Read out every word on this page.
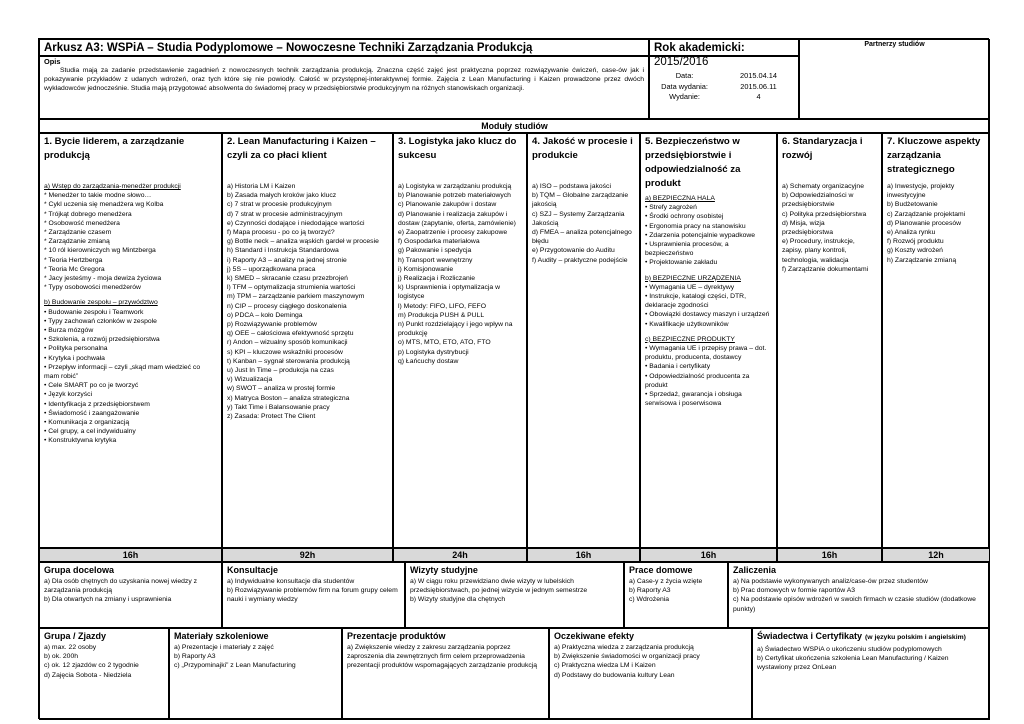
Arkusz A3: WSPiA – Studia Podyplomowe – Nowoczesne Techniki Zarządzania Produkcją	Rok akademicki: 2015/2016
Partnerzy studiów
Opis
Studia mają za zadanie przedstawienie zagadnień z nowoczesnych technik zarządzania produkcją. Znaczna część zajęć jest praktyczna poprzez rozwiązywanie ćwiczeń, case-ów jak i pokazywanie przykładów z udanych wdrożeń, oraz tych które się nie powiodły. Całość w przystępnej-interaktywnej formie. Zajęcia z Lean Manufacturing i Kaizen prowadzone przez dwóch wykładowców jednocześnie. Studia mają przygotować absolwenta do świadomej pracy w przedsiębiorstwie produkcyjnym na różnych stanowiskach organizacji.
Data:
Data wydania:
Wydanie:
2015.04.14
2015.06.11
4
Moduły studiów
1. Bycie liderem, a zarządzanie produkcją
a) Wstęp do zarządzania-menedżer produkcji
* Menedżer to takie modne słowo…
* Cykl uczenia się menadżera wg Kolba
* Trójkąt dobrego menedżera
* Osobowość menedżera
* Zarządzanie czasem
* Zarządzanie zmianą
* 10 ról kierowniczych wg Mintzberga
* Teoria Hertzberga
* Teoria Mc Gregora
* Jacy jesteśmy - moja dewiza życiowa
* Typy osobowości menedżerów
b) Budowanie zespołu – przywództwo
• Budowanie zespołu i Teamwork
• Typy zachowań członków w zespole
• Burza mózgów
• Szkolenia, a rozwój przedsiębiorstwa
• Polityka personalna
• Krytyka i pochwała
• Przepływ informacji – czyli „skąd mam wiedzieć co mam robić”
• Cele SMART po co je tworzyć
• Język korzyści
• Identyfikacja z przedsiębiorstwem
• Świadomość i zaangażowanie
• Komunikacja z organizacją
• Cel grupy, a cel indywidualny
• Konstruktywna krytyka
16h
2. Lean Manufacturing i Kaizen – czyli za co płaci klient
a) Historia LM i Kaizen
b) Zasada małych kroków jako klucz
c) 7 strat w procesie produkcyjnym
d) 7 strat w procesie administracyjnym
e) Czynności dodające i niedodające wartości
f) Mapa procesu - po co ją tworzyć?
g) Bottle neck – analiza wąskich gardeł w procesie
h) Standard i Instrukcja Standardowa
i) Raporty A3 – analizy na jednej stronie
j) 5S – uporządkowana praca
k) SMED – skracanie czasu przezbrojeń
l) TFM – optymalizacja strumienia wartości
m) TPM – zarządzanie parkiem maszynowym
n) CIP – procesy ciągłego doskonalenia
o) PDCA – koło Deminga
p) Rozwiązywanie problemów
q) OEE – całościowa efektywność sprzętu
r) Andon – wizualny sposób komunikacji
s) KPI – kluczowe wskaźniki procesów
t) Kanban – sygnał sterowania produkcją
u) Just In Time – produkcja na czas
v) Wizualizacja
w) SWOT – analiza w prostej formie
x) Matryca Boston – analiza strategiczna
y) Takt Time i Balansowanie pracy
z) Zasada: Protect The Client
92h
3. Logistyka jako klucz do sukcesu
a) Logistyka w zarządzaniu produkcją
b) Planowanie potrzeb materiałowych
c) Planowanie zakupów i dostaw
d) Planowanie i realizacja zakupów i dostaw (zapytanie, oferta, zamówienie)
e) Zaopatrzenie i procesy zakupowe
f) Gospodarka materiałowa
g) Pakowanie i spedycja
h) Transport wewnętrzny
i) Komisjonowanie
j) Realizacja i Rozliczanie
k) Usprawnienia i optymalizacja w logistyce
l) Metody: FIFO, LIFO, FEFO
m) Produkcja PUSH & PULL
n) Punkt rozdzielający i jego wpływ na produkcję
o) MTS, MTO, ETO, ATO, FTO
p) Logistyka dystrybucji
q) Łańcuchy dostaw
24h
4. Jakość w procesie i produkcie
a) ISO – podstawa jakości
b) TQM – Globalne zarządzanie jakością
c) SZJ – Systemy Zarządzania Jakością
d) FMEA – analiza potencjalnego błędu
e) Przygotowanie do Auditu
f) Audity – praktyczne podejście
16h
5. Bezpieczeństwo w przedsiębiorstwie i odpowiedzialność za produkt
a) BEZPIECZNA HALA
• Strefy zagrożeń
• Środki ochrony osobistej
• Ergonomia pracy na stanowisku
• Zdarzenia potencjalnie wypadkowe
• Usprawnienia procesów, a bezpieczeństwo
• Projektowanie zakładu
b) BEZPIECZNE URZĄDZENIA
• Wymagania UE – dyrektywy
• Instrukcje, katalogi części, DTR, deklaracje zgodności
• Obowiązki dostawcy maszyn i urządzeń
• Kwalifikacje użytkowników
c) BEZPIECZNE PRODUKTY
• Wymagania UE i przepisy prawa – dot. produktu, producenta, dostawcy
• Badania i certyfikaty
• Odpowiedzialność producenta za produkt
• Sprzedaż, gwarancja i obsługa serwisowa i poserwisowa
16h
6. Standaryzacja i rozwój
a) Schematy organizacyjne
b) Odpowiedzialności w przedsiębiorstwie
c) Polityka przedsiębiorstwa
d) Misja, wizja przedsiębiorstwa
e) Procedury, instrukcje, zapisy, plany kontroli, technologia, walidacja
f) Zarządzanie dokumentami
16h
7. Kluczowe aspekty zarządzania strategicznego
a) Inwestycje, projekty inwestycyjne
b) Budżetowanie
c) Zarządzanie projektami
d) Planowanie procesów
e) Analiza rynku
f) Rozwój produktu
g) Koszty wdrożeń
h) Zarządzanie zmianą
12h
Grupa docelowa
a) Dla osób chętnych do uzyskania nowej wiedzy z zarządzania produkcją
b) Dla otwartych na zmiany i usprawnienia
Konsultacje
a) Indywidualne konsultacje dla studentów
b) Rozwiązywanie problemów firm na forum grupy celem nauki i wymiany wiedzy
Wizyty studyjne
a) W ciągu roku przewidziano dwie wizyty w lubelskich przedsiębiorstwach, po jednej wizycie w jednym semestrze
b) Wizyty studyjne dla chętnych
Prace domowe
a) Case-y z życia wzięte
b) Raporty A3
c) Wdrożenia
Zaliczenia
a) Na podstawie wykonywanych analiz/case-ów przez studentów
b) Prac domowych w formie raportów A3
c) Na podstawie opisów wdrożeń w swoich firmach w czasie studiów (dodatkowe punkty)
Grupa / Zjazdy
a) max. 22 osoby
b) ok. 200h
c) ok. 12 zjazdów co 2 tygodnie
d) Zajęcia Sobota - Niedziela
Materiały szkoleniowe
a) Prezentacje i materiały z zajęć
b) Raporty A3
c) „Przypominajki” z Lean Manufacturing
Prezentacje produktów
a) Zwiększenie wiedzy z zakresu zarządzania poprzez zaproszenia dla zewnętrznych firm celem przeprowadzenia prezentacji produktów wspomagających zarządzanie produkcją
Oczekiwane efekty
a) Praktyczna wiedza z zarządzania produkcją
b) Zwiększenie świadomości w organizacji pracy
c) Praktyczna wiedza LM i Kaizen
d) Podstawy do budowania kultury Lean
Świadectwa i Certyfikaty (w języku polskim i angielskim)
a) Świadectwo WSPiA o ukończeniu studiów podyplomowych
b) Certyfikat ukończenia szkolenia Lean Manufacturing / Kaizen wystawiony przez OnLean
